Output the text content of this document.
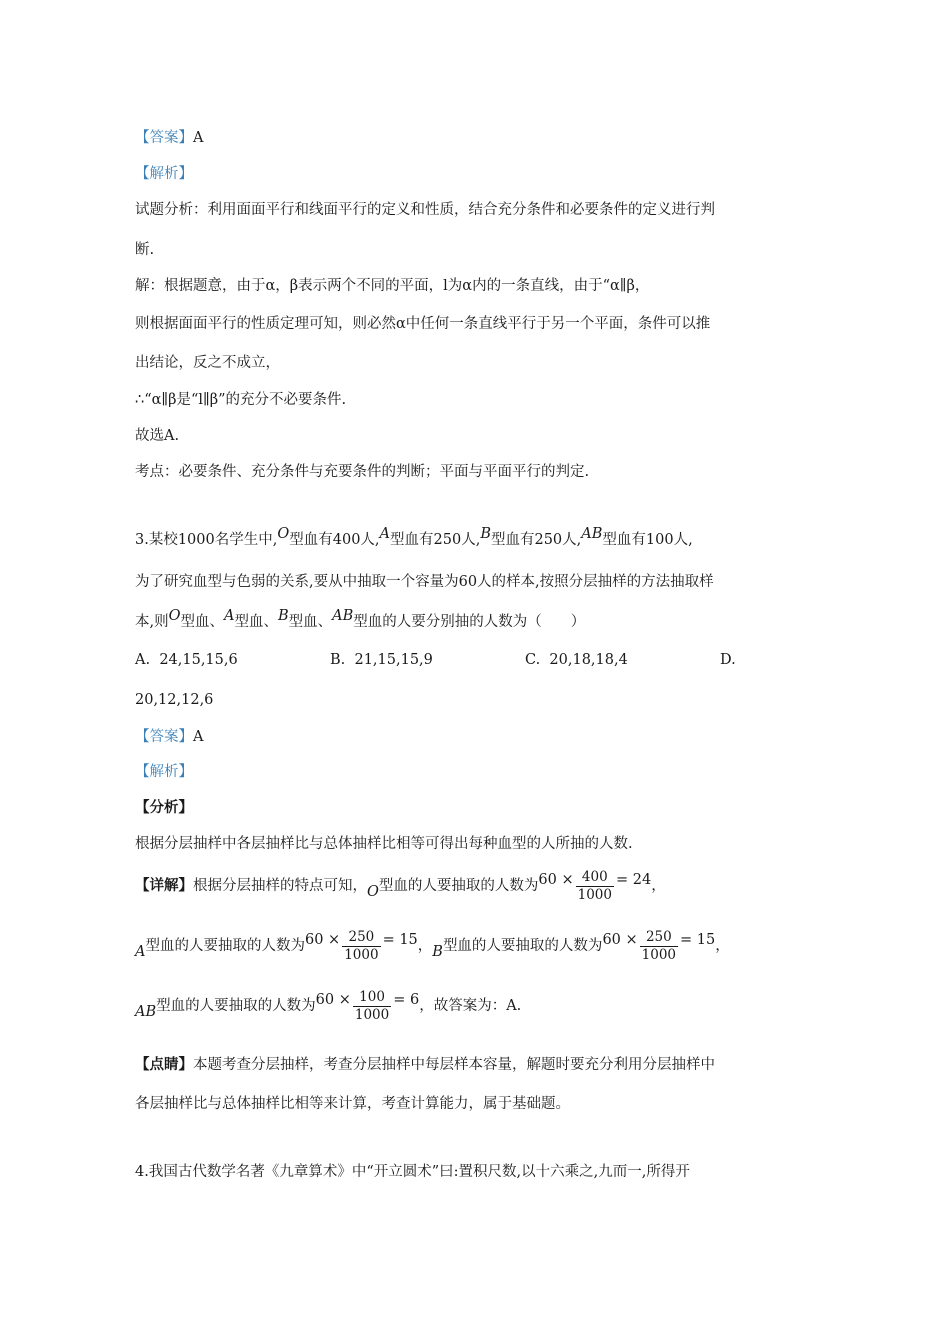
【答案】A
【解析】
试题分析：利用面面平行和线面平行的定义和性质，结合充分条件和必要条件的定义进行判
断.
解：根据题意，由于α，β表示两个不同的平面，l为α内的一条直线，由于“α∥β，
则根据面面平行的性质定理可知，则必然α中任何一条直线平行于另一个平面，条件可以推
出结论，反之不成立，
∴“α∥β是“l∥β”的充分不必要条件.
故选A.
考点：必要条件、充分条件与充要条件的判断；平面与平面平行的判定.
3.某校1000名学生中,O型血有400人,A型血有250人,B型血有250人,AB型血有100人,
为了研究血型与色弱的关系,要从中抽取一个容量为60人的样本,按照分层抽样的方法抽取样
本,则O型血、A型血、B型血、AB型血的人要分别抽的人数为（　　）
A. 24,15,15,6	B. 21,15,15,9	C. 20,18,18,4	D.
20,12,12,6
【答案】A
【解析】
【分析】
根据分层抽样中各层抽样比与总体抽样比相等可得出每种血型的人所抽的人数.
【详解】根据分层抽样的特点可知，O型血的人要抽取的人数为$60 \times \frac{400}{1000} = 24$，
A型血的人要抽取的人数为$60 \times \frac{250}{1000} = 15$，B型血的人要抽取的人数为$60 \times \frac{250}{1000} = 15$，
AB型血的人要抽取的人数为$60 \times \frac{100}{1000} = 6$，故答案为：A.
【点睛】本题考查分层抽样，考查分层抽样中每层样本容量，解题时要充分利用分层抽样中
各层抽样比与总体抽样比相等来计算，考查计算能力，属于基础题。
4.我国古代数学名著《九章算术》中“开立圆术”曰:置积尺数,以十六乘之,九而一,所得开
